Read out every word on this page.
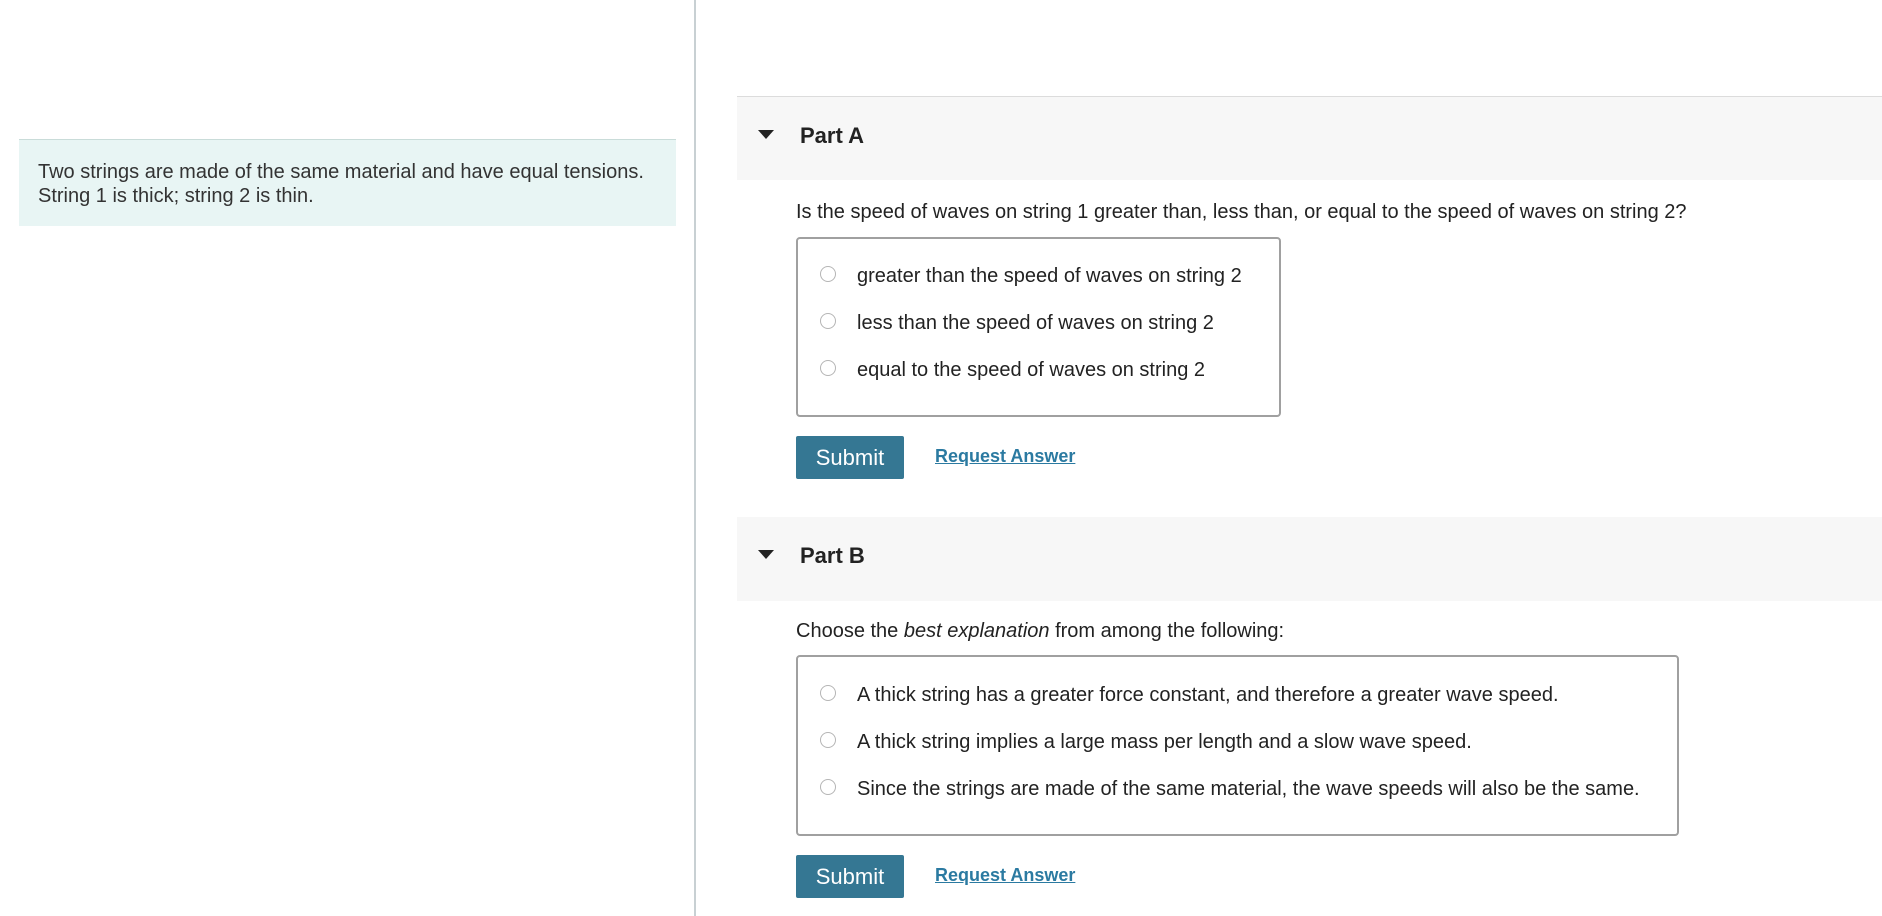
Two strings are made of the same material and have equal tensions.
String 1 is thick; string 2 is thin.
Part A
Is the speed of waves on string 1 greater than, less than, or equal to the speed of waves on string 2?
greater than the speed of waves on string 2
less than the speed of waves on string 2
equal to the speed of waves on string 2
Submit	Request Answer
Part B
Choose the best explanation from among the following:
A thick string has a greater force constant, and therefore a greater wave speed.
A thick string implies a large mass per length and a slow wave speed.
Since the strings are made of the same material, the wave speeds will also be the same.
Submit	Request Answer
